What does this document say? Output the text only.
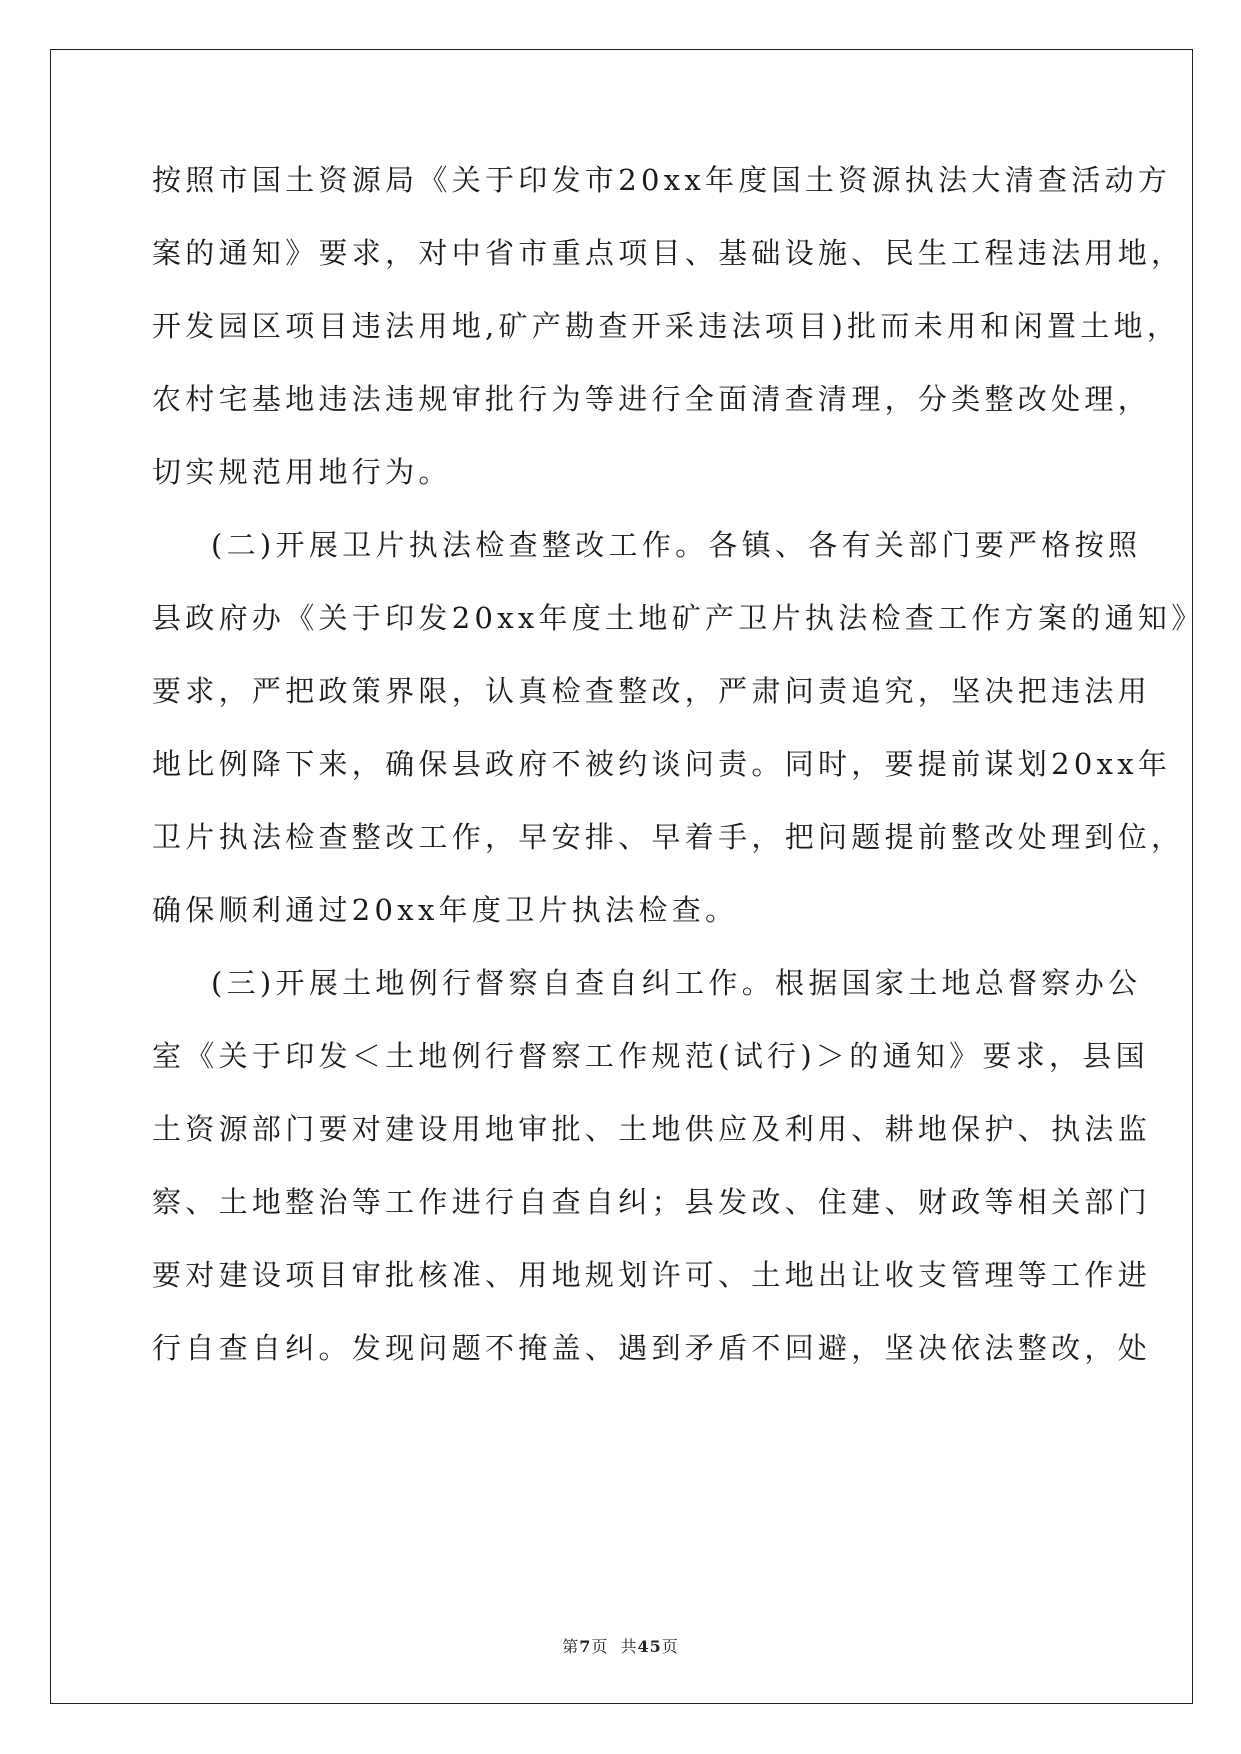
按照市国土资源局《关于印发市20xx年度国土资源执法大清查活动方
案的通知》要求，对中省市重点项目、基础设施、民生工程违法用地，
开发园区项目违法用地,矿产勘查开采违法项目)批而未用和闲置土地，
农村宅基地违法违规审批行为等进行全面清查清理，分类整改处理，
切实规范用地行为。
(二)开展卫片执法检查整改工作。各镇、各有关部门要严格按照
县政府办《关于印发20xx年度土地矿产卫片执法检查工作方案的通知》
要求，严把政策界限，认真检查整改，严肃问责追究，坚决把违法用
地比例降下来，确保县政府不被约谈问责。同时，要提前谋划20xx年
卫片执法检查整改工作，早安排、早着手，把问题提前整改处理到位，
确保顺利通过20xx年度卫片执法检查。
(三)开展土地例行督察自查自纠工作。根据国家土地总督察办公
室《关于印发＜土地例行督察工作规范(试行)＞的通知》要求，县国
土资源部门要对建设用地审批、土地供应及利用、耕地保护、执法监
察、土地整治等工作进行自查自纠；县发改、住建、财政等相关部门
要对建设项目审批核准、用地规划许可、土地出让收支管理等工作进
行自查自纠。发现问题不掩盖、遇到矛盾不回避，坚决依法整改，处
第7页  共45页
